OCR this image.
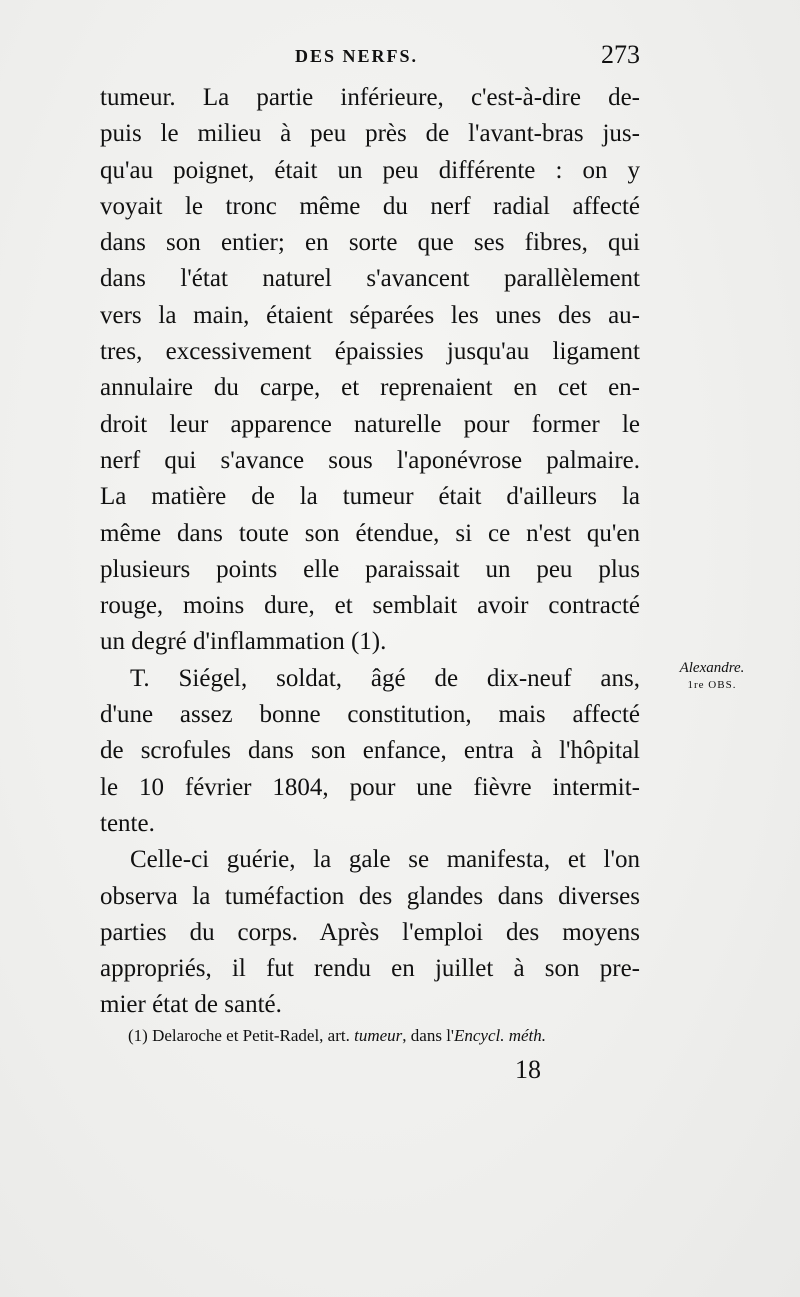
DES NERFS.	273
tumeur. La partie inférieure, c'est-à-dire de-
puis le milieu à peu près de l'avant-bras jus-
qu'au poignet, était un peu différente : on y
voyait le tronc même du nerf radial affecté
dans son entier; en sorte que ses fibres, qui
dans l'état naturel s'avancent parallèlement
vers la main, étaient séparées les unes des au-
tres, excessivement épaissies jusqu'au ligament
annulaire du carpe, et reprenaient en cet en-
droit leur apparence naturelle pour former le
nerf qui s'avance sous l'aponévrose palmaire.
La matière de la tumeur était d'ailleurs la
même dans toute son étendue, si ce n'est qu'en
plusieurs points elle paraissait un peu plus
rouge, moins dure, et semblait avoir contracté
un degré d'inflammation (1).
T. Siégel, soldat, âgé de dix-neuf ans,
d'une assez bonne constitution, mais affecté
de scrofules dans son enfance, entra à l'hôpital
le 10 février 1804, pour une fièvre intermit-
tente.
Celle-ci guérie, la gale se manifesta, et l'on
observa la tuméfaction des glandes dans diverses
parties du corps. Après l'emploi des moyens
appropriés, il fut rendu en juillet à son pre-
mier état de santé.
Alexandre.
1re OBS.
(1) Delaroche et Petit-Radel, art. tumeur, dans l'Encycl. méth.
18
